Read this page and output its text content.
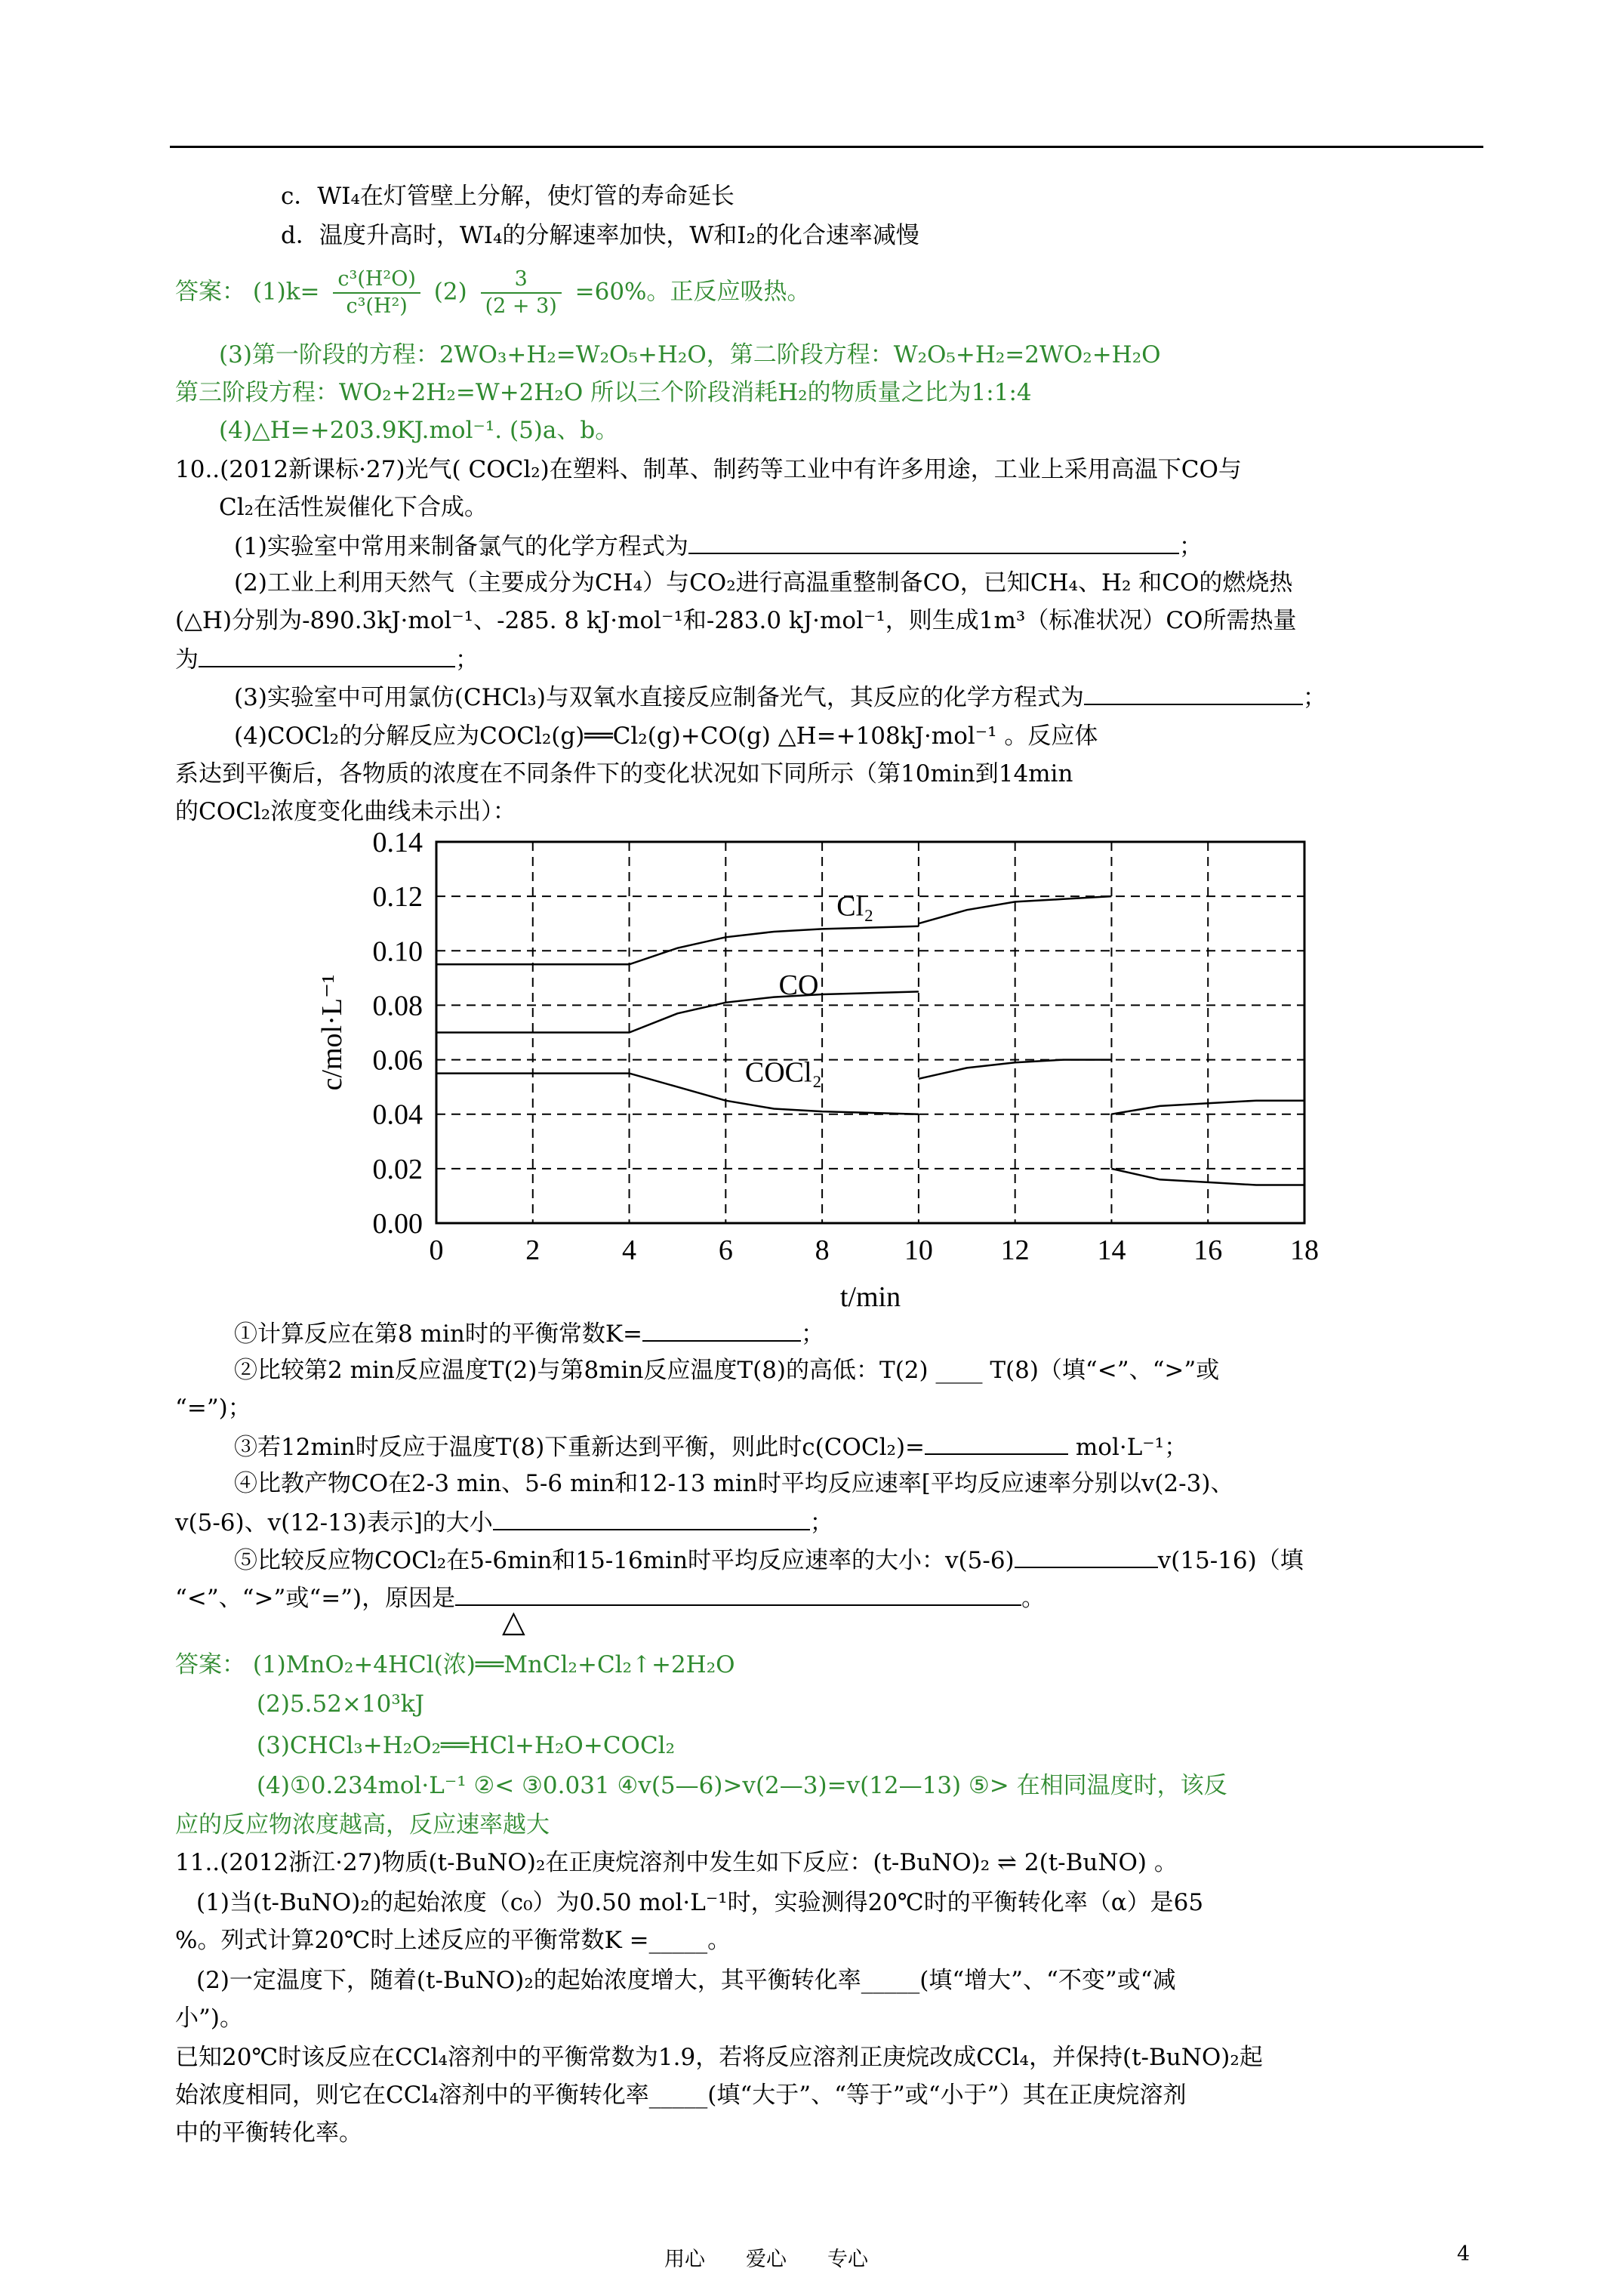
c．WI₄在灯管壁上分解，使灯管的寿命延长
d．温度升高时，WI₄的分解速率加快，W和I₂的化合速率减慢
答案： $(1)k= \frac{\text{c³(H²O)}}{\text{c³(H²)}} (2) \frac{3}{(2 + 3)} =60\%$。正反应吸热。
(3)第一阶段的方程：2WO₃+H₂=W₂O₅+H₂O，第二阶段方程：W₂O₅+H₂=2WO₂+H₂O
第三阶段方程：WO₂+2H₂=W+2H₂O 所以三个阶段消耗H₂的物质量之比为1:1:4
(4)△H=+203.9KJ.mol⁻¹. (5)a、b。
10..(2012新课标·27)光气( COCl₂)在塑料、制革、制药等工业中有许多用途，工业上采用高温下CO与
Cl₂在活性炭催化下合成。
(1)实验室中常用来制备氯气的化学方程式为	；
(2)工业上利用天然气（主要成分为CH₄）与CO₂进行高温重整制备CO，已知CH₄、H₂ 和CO的燃烧热
(△H)分别为-890.3kJ·mol⁻¹、-285. 8 kJ·mol⁻¹和-283.0 kJ·mol⁻¹，则生成1m³（标准状况）CO所需热量
为	；
(3)实验室中可用氯仿(CHCl₃)与双氧水直接反应制备光气，其反应的化学方程式为	；
(4)COCl₂的分解反应为COCl₂(g)══Cl₂(g)+CO(g) △H=+108kJ·mol⁻¹ 。反应体
系达到平衡后，各物质的浓度在不同条件下的变化状况如下同所示（第10min到14min
的COCl₂浓度变化曲线未示出）：
0	2	4	6	8	10 12 14 16 18
0.00
0.02
0.04
0.06
0.08
0.10
0.12
0.14
t/min
c/mol·L⁻¹
Cl₂
CO
COCl₂
①计算反应在第8 min时的平衡常数K=	；
②比较第2 min反应温度T(2)与第8min反应温度T(8)的高低：T(2) ____ T(8)（填“<”、“>”或
“=”)；
③若12min时反应于温度T(8)下重新达到平衡，则此时c(COCl₂)=	mol·L⁻¹；
④比教产物CO在2-3 min、5-6 min和12-13 min时平均反应速率[平均反应速率分别以v(2-3)、
v(5-6)、v(12-13)表示]的大小	；
⑤比较反应物COCl₂在5-6min和15-16min时平均反应速率的大小：v(5-6)	v(15-16)（填
“<”、“>”或“=”)，原因是	。
答案： (1)MnO₂+4HCl(浓)══MnCl₂+Cl₂↑+2H₂O
△
(2)5.52×10³kJ
(3)CHCl₃+H₂O₂══HCl+H₂O+COCl₂
(4)①0.234mol·L⁻¹ ②< ③0.031 ④v(5—6)>v(2—3)=v(12—13) ⑤> 在相同温度时，该反
应的反应物浓度越高，反应速率越大
11..(2012浙江·27)物质(t-BuNO)₂在正庚烷溶剂中发生如下反应：(t-BuNO)₂ ⇌ 2(t-BuNO) 。
(1)当(t-BuNO)₂的起始浓度（c₀）为0.50 mol·L⁻¹时，实验测得20℃时的平衡转化率（α）是65
%。列式计算20℃时上述反应的平衡常数K =_____。
(2)一定温度下，随着(t-BuNO)₂的起始浓度增大，其平衡转化率_____(填“增大”、“不变”或“减
小”)。
已知20℃时该反应在CCl₄溶剂中的平衡常数为1.9，若将反应溶剂正庚烷改成CCl₄，并保持(t-BuNO)₂起
始浓度相同，则它在CCl₄溶剂中的平衡转化率_____(填“大于”、“等于”或“小于”）其在正庚烷溶剂
中的平衡转化率。
用心　　爱心　　专心	4
